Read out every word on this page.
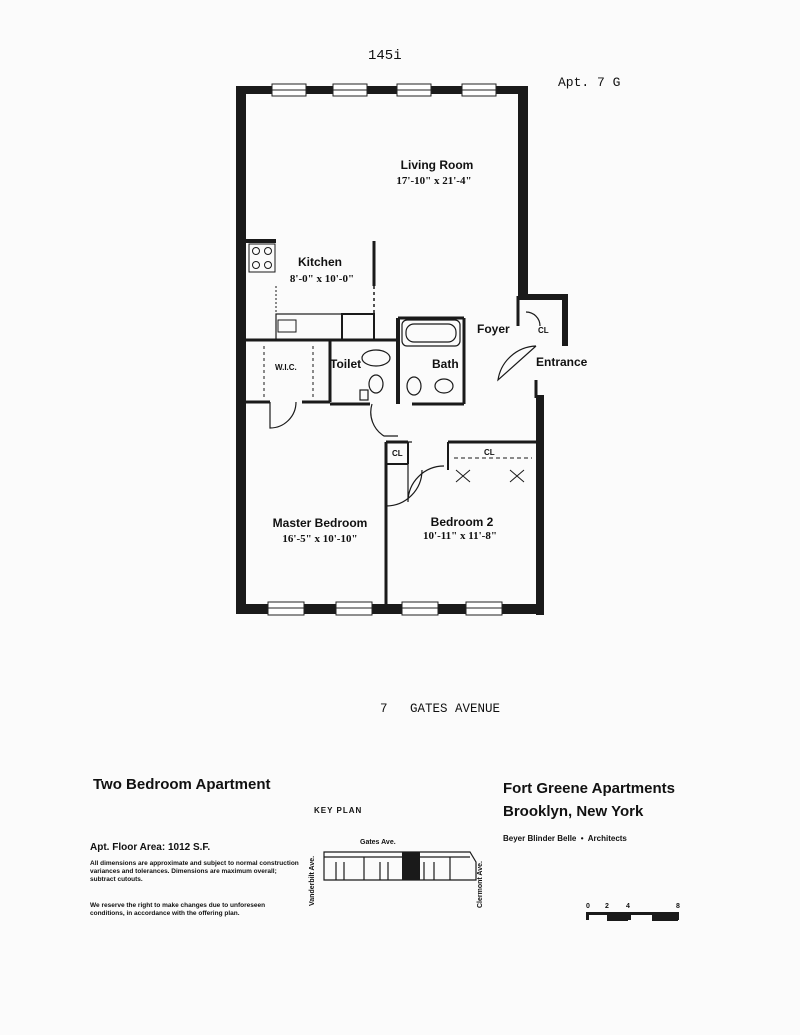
145i
Apt. 7 G
Living Room
17'-10" x 21'-4"
Kitchen
8'-0" x 10'-0"
Foyer	CL
Entrance
W.I.C.	Toilet	Bath
CL	CL
Master Bedroom
16'-5" x 10'-10"
Bedroom 2
10'-11" x 11'-8"
7   GATES AVENUE
Two Bedroom Apartment
Apt. Floor Area: 1012 S.F.
All dimensions are approximate and subject to normal construction variances and tolerances. Dimensions are maximum overall; subtract cutouts.
We reserve the right to make changes due to unforeseen conditions, in accordance with the offering plan.
KEY PLAN
Gates Ave.
Vanderbilt Ave.	Clermont Ave.
Fort Greene Apartments
Brooklyn, New York
Beyer Blinder Belle  •  Architects
0 2 4	8
